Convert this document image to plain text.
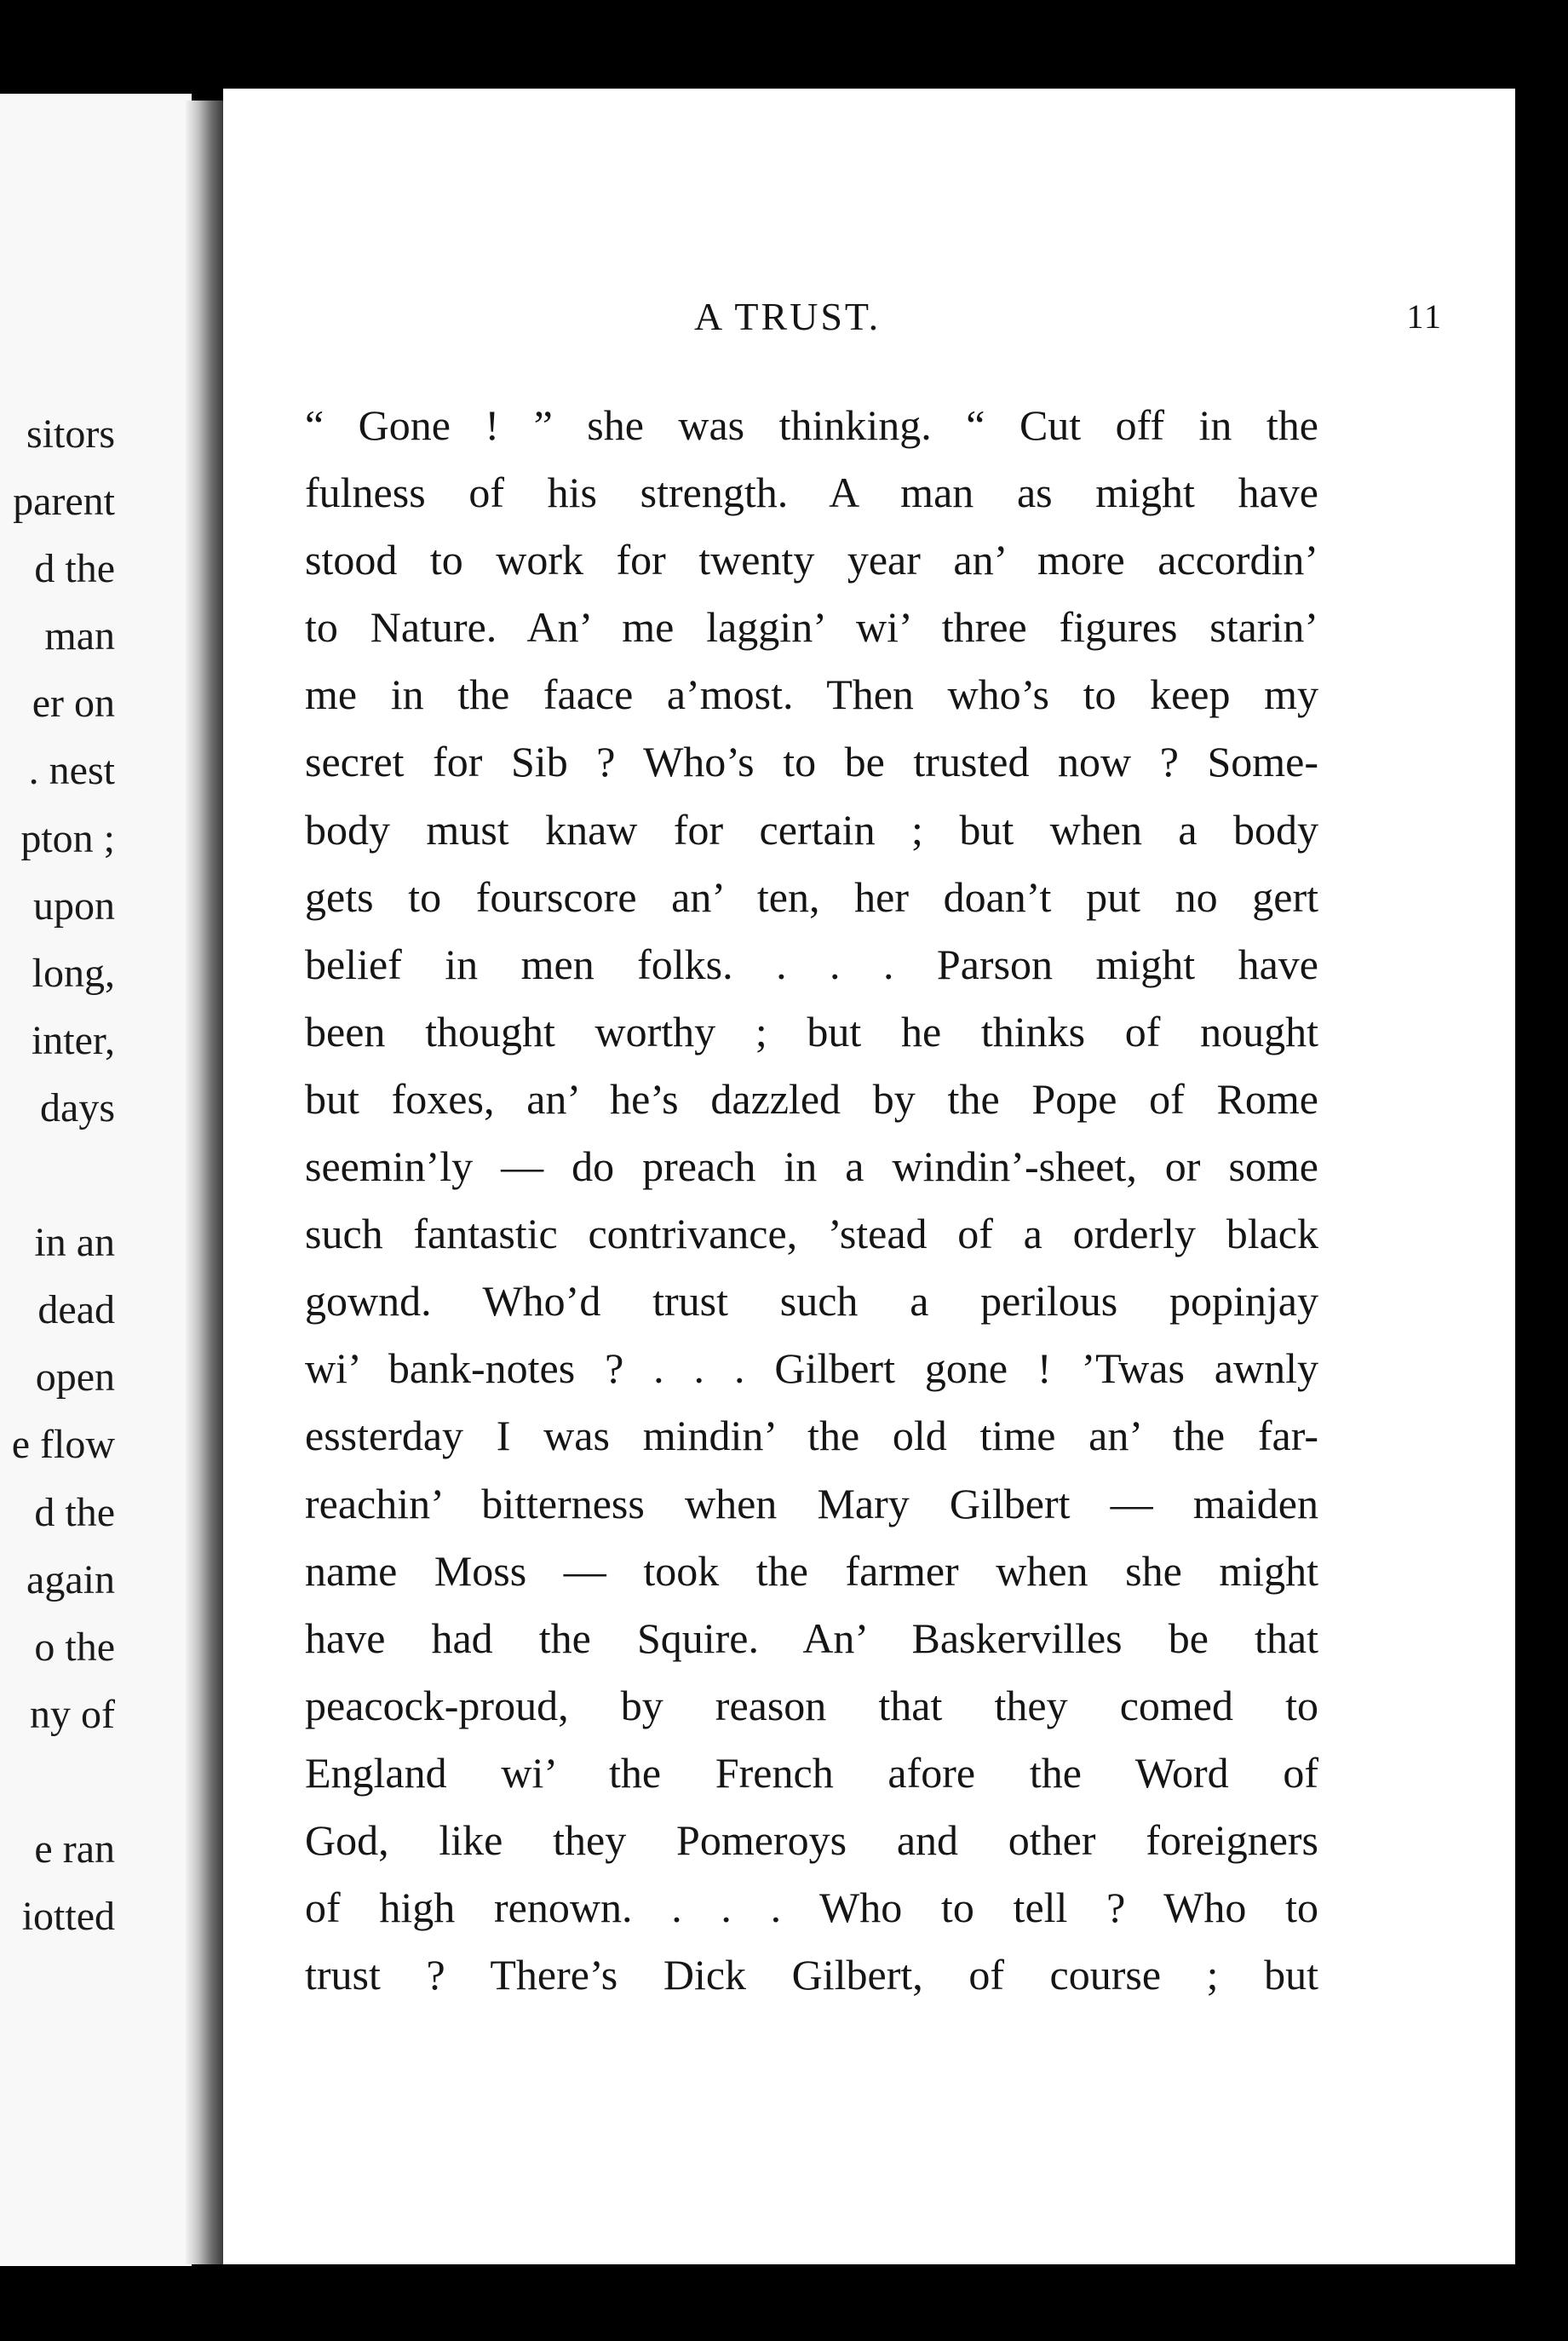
sitors
parent
d the
man
er on
. nest
pton ;
upon
long,
inter,
days
in an
dead
open
e flow
d the
again
o the
ny of
e ran
iotted
A TRUST.	11
“ Gone ! ” she was thinking. “ Cut off in the
fulness of his strength. A man as might have
stood to work for twenty year an’ more accordin’
to Nature. An’ me laggin’ wi’ three figures starin’
me in the faace a’most. Then who’s to keep my
secret for Sib ? Who’s to be trusted now ? Some-
body must knaw for certain ; but when a body
gets to fourscore an’ ten, her doan’t put no gert
belief in men folks. . . . Parson might have
been thought worthy ; but he thinks of nought
but foxes, an’ he’s dazzled by the Pope of Rome
seemin’ly — do preach in a windin’-sheet, or some
such fantastic contrivance, ’stead of a orderly black
gownd. Who’d trust such a perilous popinjay
wi’ bank-notes ? . . . Gilbert gone ! ’Twas awnly
essterday I was mindin’ the old time an’ the far-
reachin’ bitterness when Mary Gilbert — maiden
name Moss — took the farmer when she might
have had the Squire. An’ Baskervilles be that
peacock-proud, by reason that they comed to
England wi’ the French afore the Word of
God, like they Pomeroys and other foreigners
of high renown. . . . Who to tell ? Who to
trust ? There’s Dick Gilbert, of course ; but
